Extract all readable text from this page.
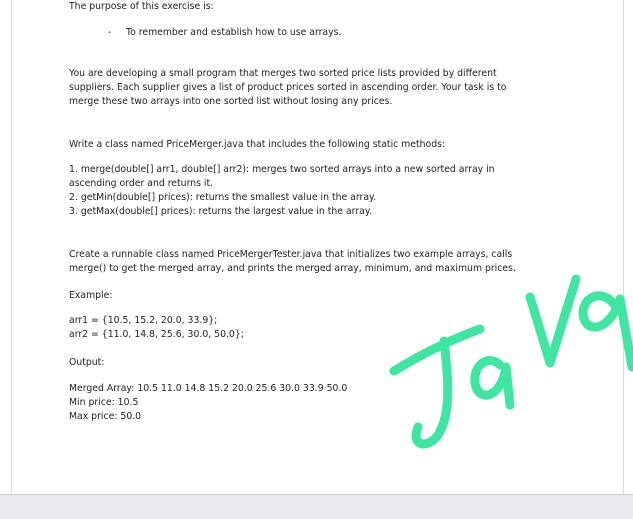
The purpose of this exercise is:
- To remember and establish how to use arrays.
You are developing a small program that merges two sorted price lists provided by different
suppliers. Each supplier gives a list of product prices sorted in ascending order. Your task is to
merge these two arrays into one sorted list without losing any prices.
Write a class named PriceMerger.java that includes the following static methods:
1. merge(double[] arr1, double[] arr2): merges two sorted arrays into a new sorted array in
ascending order and returns it.
2. getMin(double[] prices): returns the smallest value in the array.
3. getMax(double[] prices): returns the largest value in the array.
Create a runnable class named PriceMergerTester.java that initializes two example arrays, calls
merge() to get the merged array, and prints the merged array, minimum, and maximum prices.
Example:
arr1 = {10.5, 15.2, 20.0, 33.9};
arr2 = {11.0, 14.8, 25.6, 30.0, 50.0};
Output:
Merged Array: 10.5 11.0 14.8 15.2 20.0 25.6 30.0 33.9 50.0
Min price: 10.5
Max price: 50.0
